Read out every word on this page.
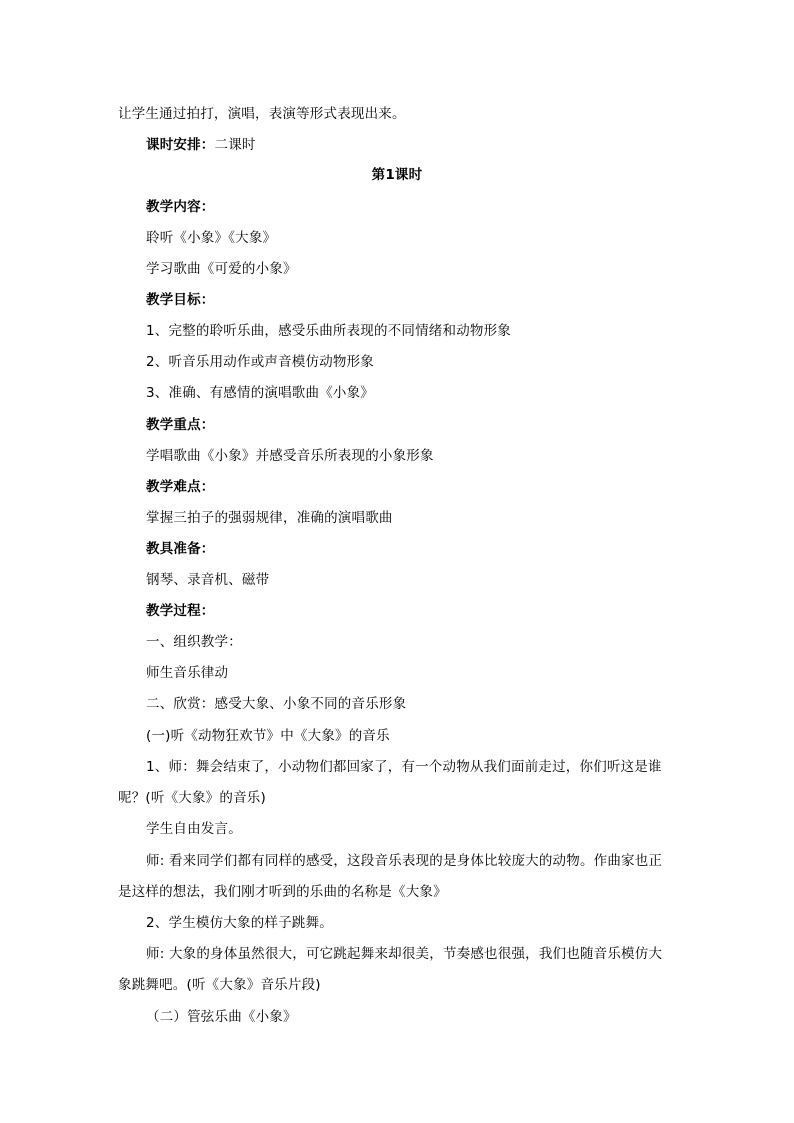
让学生通过拍打，演唱，表演等形式表现出来。
课时安排：二课时
第1课时
教学内容：
聆听《小象》《大象》
学习歌曲《可爱的小象》
教学目标：
1、完整的聆听乐曲，感受乐曲所表现的不同情绪和动物形象
2、听音乐用动作或声音模仿动物形象
3、准确、有感情的演唱歌曲《小象》
教学重点：
学唱歌曲《小象》并感受音乐所表现的小象形象
教学难点：
掌握三拍子的强弱规律，准确的演唱歌曲
教具准备：
钢琴、录音机、磁带
教学过程：
一、组织教学：
师生音乐律动
二、欣赏：感受大象、小象不同的音乐形象
(一)听《动物狂欢节》中《大象》的音乐
1、师：舞会结束了，小动物们都回家了，有一个动物从我们面前走过，你们听这是谁
呢？(听《大象》的音乐)
学生自由发言。
师: 看来同学们都有同样的感受，这段音乐表现的是身体比较庞大的动物。作曲家也正
是这样的想法，我们刚才听到的乐曲的名称是《大象》
2、学生模仿大象的样子跳舞。
师: 大象的身体虽然很大，可它跳起舞来却很美，节奏感也很强，我们也随音乐模仿大
象跳舞吧。(听《大象》音乐片段)
（二）管弦乐曲《小象》
